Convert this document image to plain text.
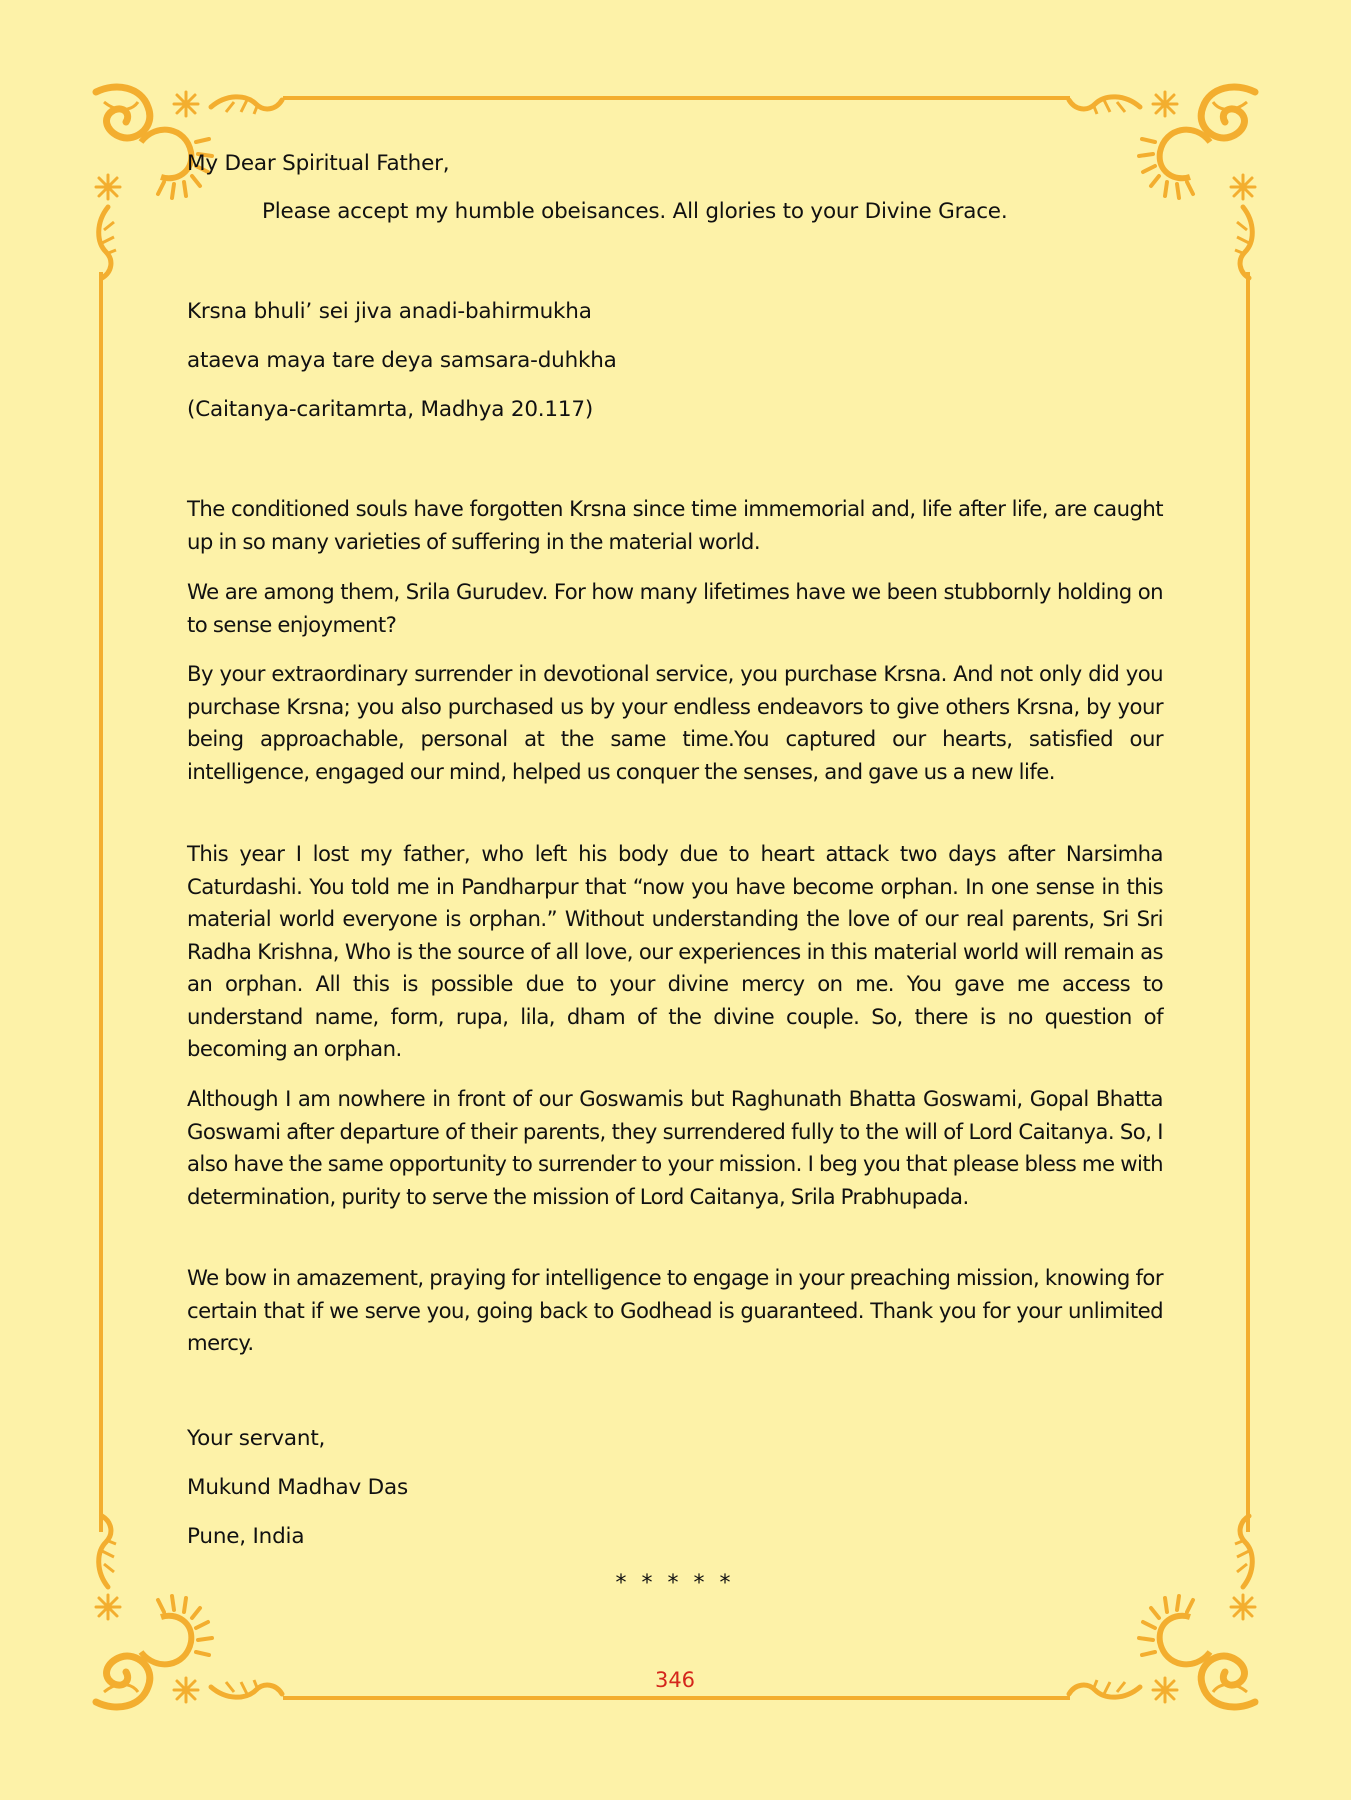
My Dear Spiritual Father,
Please accept my humble obeisances. All glories to your Divine Grace.
Krsna bhuli’ sei jiva anadi-bahirmukha
ataeva maya tare deya samsara-duhkha
(Caitanya-caritamrta, Madhya 20.117)
The conditioned souls have forgotten Krsna since time immemorial and, life after life, are caught up in so many varieties of suffering in the material world.
We are among them, Srila Gurudev. For how many lifetimes have we been stubbornly holding on to sense enjoyment?
By your extraordinary surrender in devotional service, you purchase Krsna. And not only did you purchase Krsna; you also purchased us by your endless endeavors to give others Krsna, by your being approachable, personal at the same time.You captured our hearts, satisfied our intelligence, engaged our mind, helped us conquer the senses, and gave us a new life.
This year I lost my father, who left his body due to heart attack two days after Narsimha Caturdashi. You told me in Pandharpur that “now you have become orphan. In one sense in this material world everyone is orphan.” Without understanding the love of our real parents, Sri Sri Radha Krishna, Who is the source of all love, our experiences in this material world will remain as an orphan. All this is possible due to your divine mercy on me. You gave me access to understand name, form, rupa, lila, dham of the divine couple. So, there is no question of becoming an orphan.
Although I am nowhere in front of our Goswamis but Raghunath Bhatta Goswami, Gopal Bhatta Goswami after departure of their parents, they surrendered fully to the will of Lord Caitanya. So, I also have the same opportunity to surrender to your mission. I beg you that please bless me with determination, purity to serve the mission of Lord Caitanya, Srila Prabhupada.
We bow in amazement, praying for intelligence to engage in your preaching mission, knowing for certain that if we serve you, going back to Godhead is guaranteed. Thank you for your unlimited mercy.
Your servant,
Mukund Madhav Das
Pune, India
* * * * *
346
